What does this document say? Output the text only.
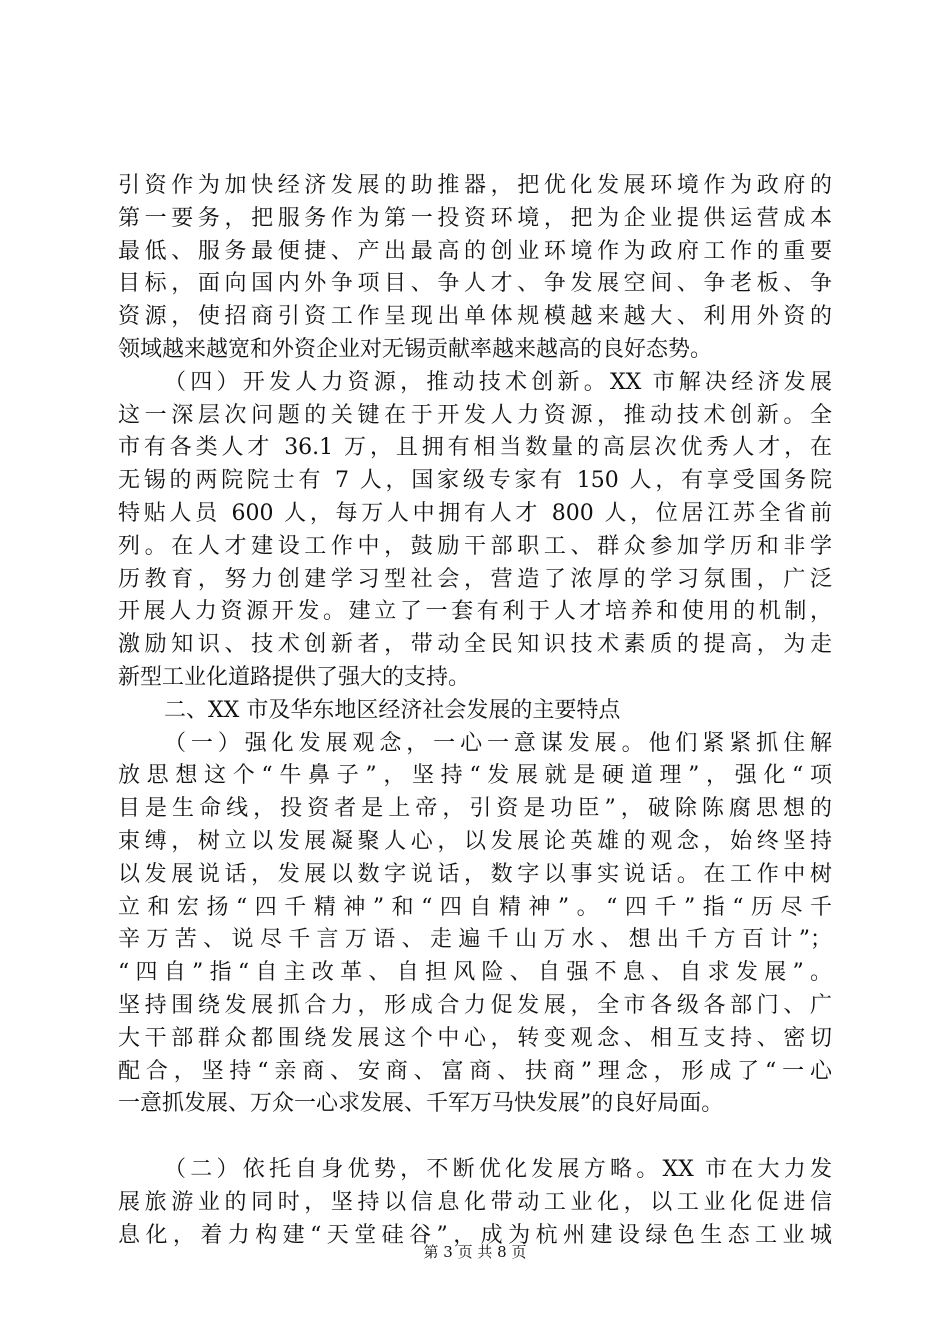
引资作为加快经济发展的助推器，把优化发展环境作为政府的
第一要务，把服务作为第一投资环境，把为企业提供运营成本
最低、服务最便捷、产出最高的创业环境作为政府工作的重要
目标，面向国内外争项目、争人才、争发展空间、争老板、争
资源，使招商引资工作呈现出单体规模越来越大、利用外资的
领域越来越宽和外资企业对无锡贡献率越来越高的良好态势。
（四）开发人力资源，推动技术创新。XX 市解决经济发展
这一深层次问题的关键在于开发人力资源，推动技术创新。全
市有各类人才 36.1 万，且拥有相当数量的高层次优秀人才，在
无锡的两院院士有 7 人，国家级专家有 150 人，有享受国务院
特贴人员 600 人，每万人中拥有人才 800 人，位居江苏全省前
列。在人才建设工作中，鼓励干部职工、群众参加学历和非学
历教育，努力创建学习型社会，营造了浓厚的学习氛围，广泛
开展人力资源开发。建立了一套有利于人才培养和使用的机制，
激励知识、技术创新者，带动全民知识技术素质的提高，为走
新型工业化道路提供了强大的支持。
二、XX 市及华东地区经济社会发展的主要特点
（一）强化发展观念，一心一意谋发展。他们紧紧抓住解
放思想这个“牛鼻子”，坚持“发展就是硬道理”，强化“项
目是生命线，投资者是上帝，引资是功臣”，破除陈腐思想的
束缚，树立以发展凝聚人心，以发展论英雄的观念，始终坚持
以发展说话，发展以数字说话，数字以事实说话。在工作中树
立和宏扬“四千精神”和“四自精神”。“四千”指“历尽千
辛万苦、说尽千言万语、走遍千山万水、想出千方百计”；
“四自”指“自主改革、自担风险、自强不息、自求发展”。
坚持围绕发展抓合力，形成合力促发展，全市各级各部门、广
大干部群众都围绕发展这个中心，转变观念、相互支持、密切
配合，坚持“亲商、安商、富商、扶商”理念，形成了“一心
一意抓发展、万众一心求发展、千军万马快发展”的良好局面。
（二）依托自身优势，不断优化发展方略。XX 市在大力发
展旅游业的同时，坚持以信息化带动工业化，以工业化促进信
息化，着力构建“天堂硅谷”，成为杭州建设绿色生态工业城
第 3 页 共 8 页
